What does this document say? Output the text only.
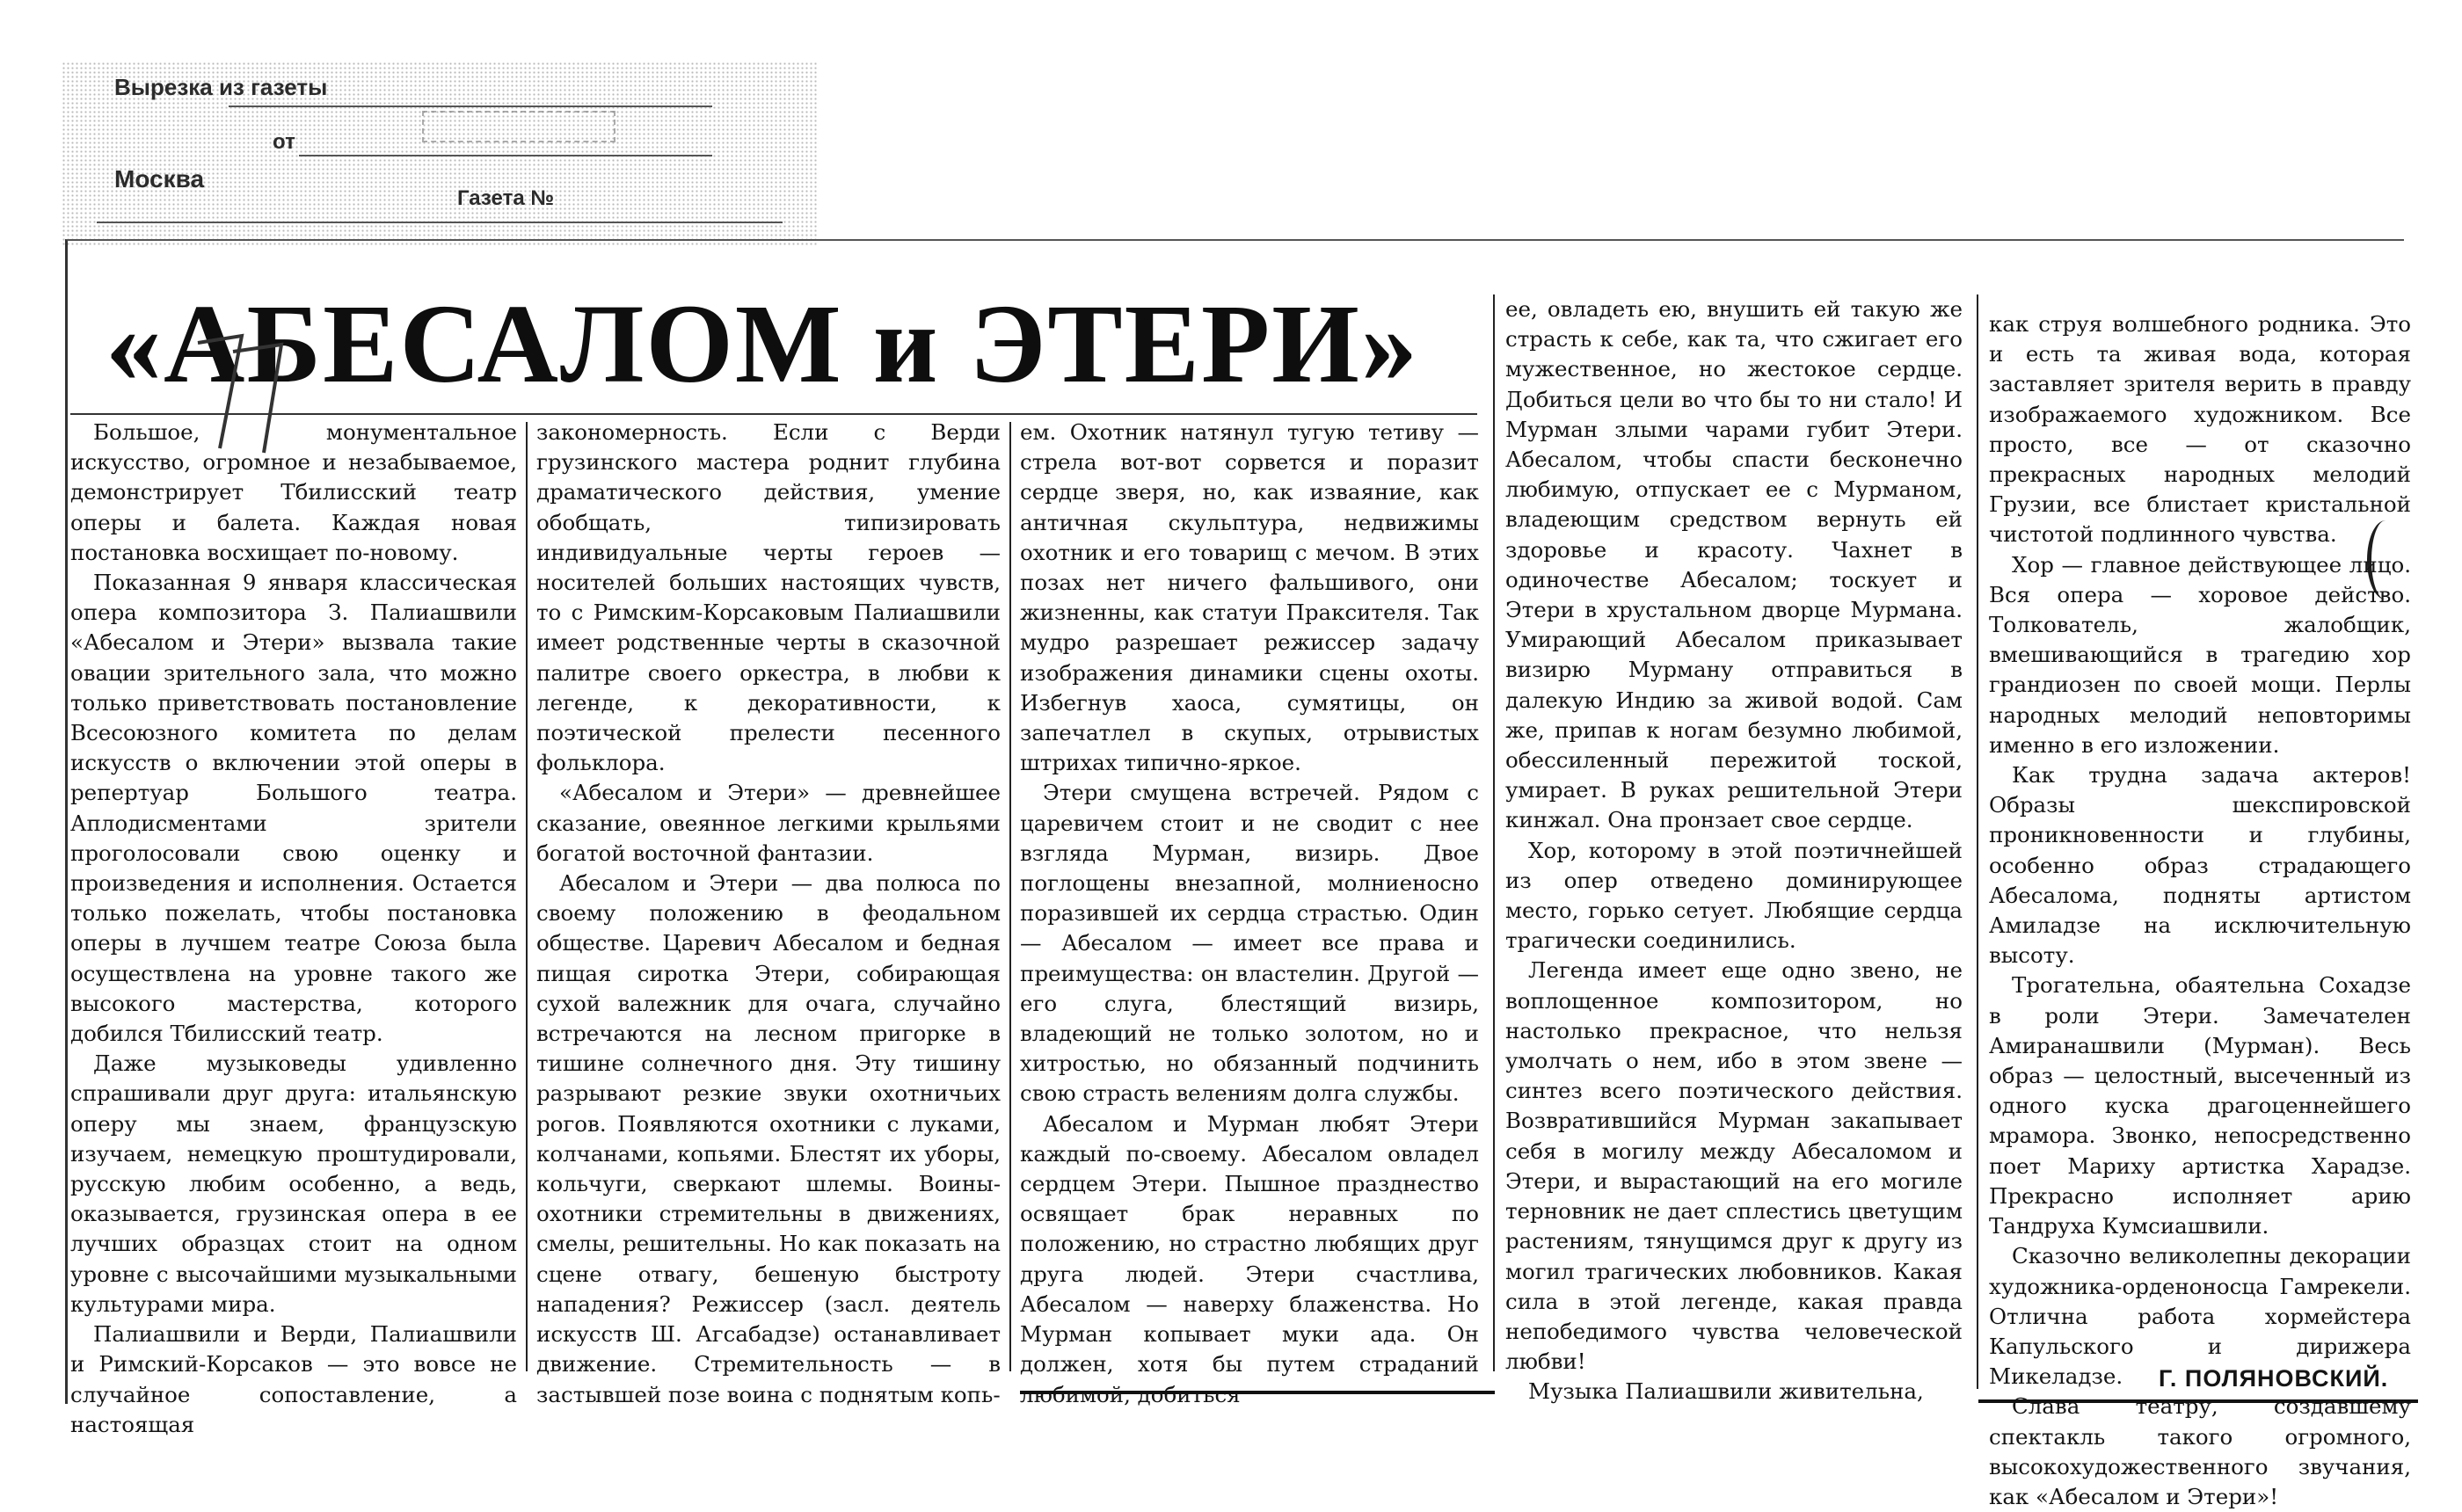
Вырезка из газеты
от
Москва
Газета №
«АБЕСАЛОМ и ЭТЕРИ»

Большое, монументальное искусство, огромное и незабываемое, демонстрирует Тбилисский театр оперы и балета. Каждая новая постановка восхищает по-новому.

Показанная 9 января классическая опера композитора З. Палиашвили «Абесалом и Этери» вызвала такие овации зрительного зала, что можно только приветствовать постановление Всесоюзного комитета по делам искусств о включении этой оперы в репертуар Большого театра. Аплодисментами зрители проголосовали свою оценку и произведения и исполнения. Остается только пожелать, чтобы постановка оперы в лучшем театре Союза была осуществлена на уровне такого же высокого мастерства, которого добился Тбилисский театр.

Даже музыковеды удивленно спрашивали друг друга: итальянскую оперу мы знаем, французскую изучаем, немецкую проштудировали, русскую любим особенно, а ведь, оказывается, грузинская опера в ее лучших образцах стоит на одном уровне с высочайшими музыкальными культурами мира.

Палиашвили и Верди, Палиашвили и Римский-Корсаков — это вовсе не случайное сопоставление, а настоящая

закономерность. Если с Верди грузинского мастера роднит глубина драматического действия, умение обобщать, типизировать индивидуальные черты героев — носителей больших настоящих чувств, то с Римским-Корсаковым Палиашвили имеет родственные черты в сказочной палитре своего оркестра, в любви к легенде, к декоративности, к поэтической прелести песенного фольклора.

«Абесалом и Этери» — древнейшее сказание, овеянное легкими крыльями богатой восточной фантазии.

Абесалом и Этери — два полюса по своему положению в феодальном обществе. Царевич Абесалом и бедная пищая сиротка Этери, собирающая сухой валежник для очага, случайно встречаются на лесном пригорке в тишине солнечного дня. Эту тишину разрывают резкие звуки охотничьих рогов. Появляются охотники с луками, колчанами, копьями. Блестят их уборы, кольчуги, сверкают шлемы. Воины-охотники стремительны в движениях, смелы, решительны. Но как показать на сцене отвагу, бешеную быстроту нападения? Режиссер (засл. деятель искусств Ш. Агсабадзе) останавливает движение. Стремительность — в застывшей позе воина с поднятым копь-

ем. Охотник натянул тугую тетиву — стрела вот-вот сорвется и поразит сердце зверя, но, как изваяние, как античная скульптура, недвижимы охотник и его товарищ с мечом. В этих позах нет ничего фальшивого, они жизненны, как статуи Праксителя. Так мудро разрешает режиссер задачу изображения динамики сцены охоты. Избегнув хаоса, сумятицы, он запечатлел в скупых, отрывистых штрихах типично-яркое.

Этери смущена встречей. Рядом с царевичем стоит и не сводит с нее взгляда Мурман, визирь. Двое поглощены внезапной, молниеносно поразившей их сердца страстью. Один — Абесалом — имеет все права и преимущества: он властелин. Другой — его слуга, блестящий визирь, владеющий не только золотом, но и хитростью, но обязанный подчинить свою страсть велениям долга службы.

Абесалом и Мурман любят Этери каждый по-своему. Абесалом овладел сердцем Этери. Пышное празднество освящает брак неравных по положению, но страстно любящих друг друга людей. Этери счастлива, Абесалом — наверху блаженства. Но Мурман копывает муки ада. Он должен, хотя бы путем страданий любимой, добиться

ее, овладеть ею, внушить ей такую же страсть к себе, как та, что сжигает его мужественное, но жестокое сердце. Добиться цели во что бы то ни стало! И Мурман злыми чарами губит Этери. Абесалом, чтобы спасти бесконечно любимую, отпускает ее с Мурманом, владеющим средством вернуть ей здоровье и красоту. Чахнет в одиночестве Абесалом; тоскует и Этери в хрустальном дворце Мурмана. Умирающий Абесалом приказывает визирю Мурману отправиться в далекую Индию за живой водой. Сам же, припав к ногам безумно любимой, обессиленный пережитой тоской, умирает. В руках решительной Этери кинжал. Она пронзает свое сердце.

Хор, которому в этой поэтичнейшей из опер отведено доминирующее место, горько сетует. Любящие сердца трагически соединились.

Легенда имеет еще одно звено, не воплощенное композитором, но настолько прекрасное, что нельзя умолчать о нем, ибо в этом звене — синтез всего поэтического действия. Возвратившийся Мурман закапывает себя в могилу между Абесаломом и Этери, и вырастающий на его могиле терновник не дает сплестись цветущим растениям, тянущимся друг к другу из могил трагических любовников. Какая сила в этой легенде, какая правда непобедимого чувства человеческой любви!

Музыка Палиашвили живительна,

как струя волшебного родника. Это и есть та живая вода, которая заставляет зрителя верить в правду изображаемого художником. Все просто, все — от сказочно прекрасных народных мелодий Грузии, все блистает кристальной чистотой подлинного чувства.

Хор — главное действующее лицо. Вся опера — хоровое действо. Толкователь, жалобщик, вмешивающийся в трагедию хор грандиозен по своей мощи. Перлы народных мелодий неповторимы именно в его изложении.

Как трудна задача актеров! Образы шекспировской проникновенности и глубины, особенно образ страдающего Абесалома, подняты артистом Амиладзе на исключительную высоту.

Трогательна, обаятельна Сохадзе в роли Этери. Замечателен Амиранашвили (Мурман). Весь образ — целостный, высеченный из одного куска драгоценнейшего мрамора. Звонко, непосредственно поет Мариху артистка Харадзе. Прекрасно исполняет арию Тандруха Кумсиашвили.

Сказочно великолепны декорации художника-орденоносца Гамрекели. Отлична работа хормейстера Капульского и дирижера Микеладзе.

Слава театру, создавшему спектакль такого огромного, высокохудожественного звучания, как «Абесалом и Этери»!

Г. ПОЛЯНОВСКИЙ.
